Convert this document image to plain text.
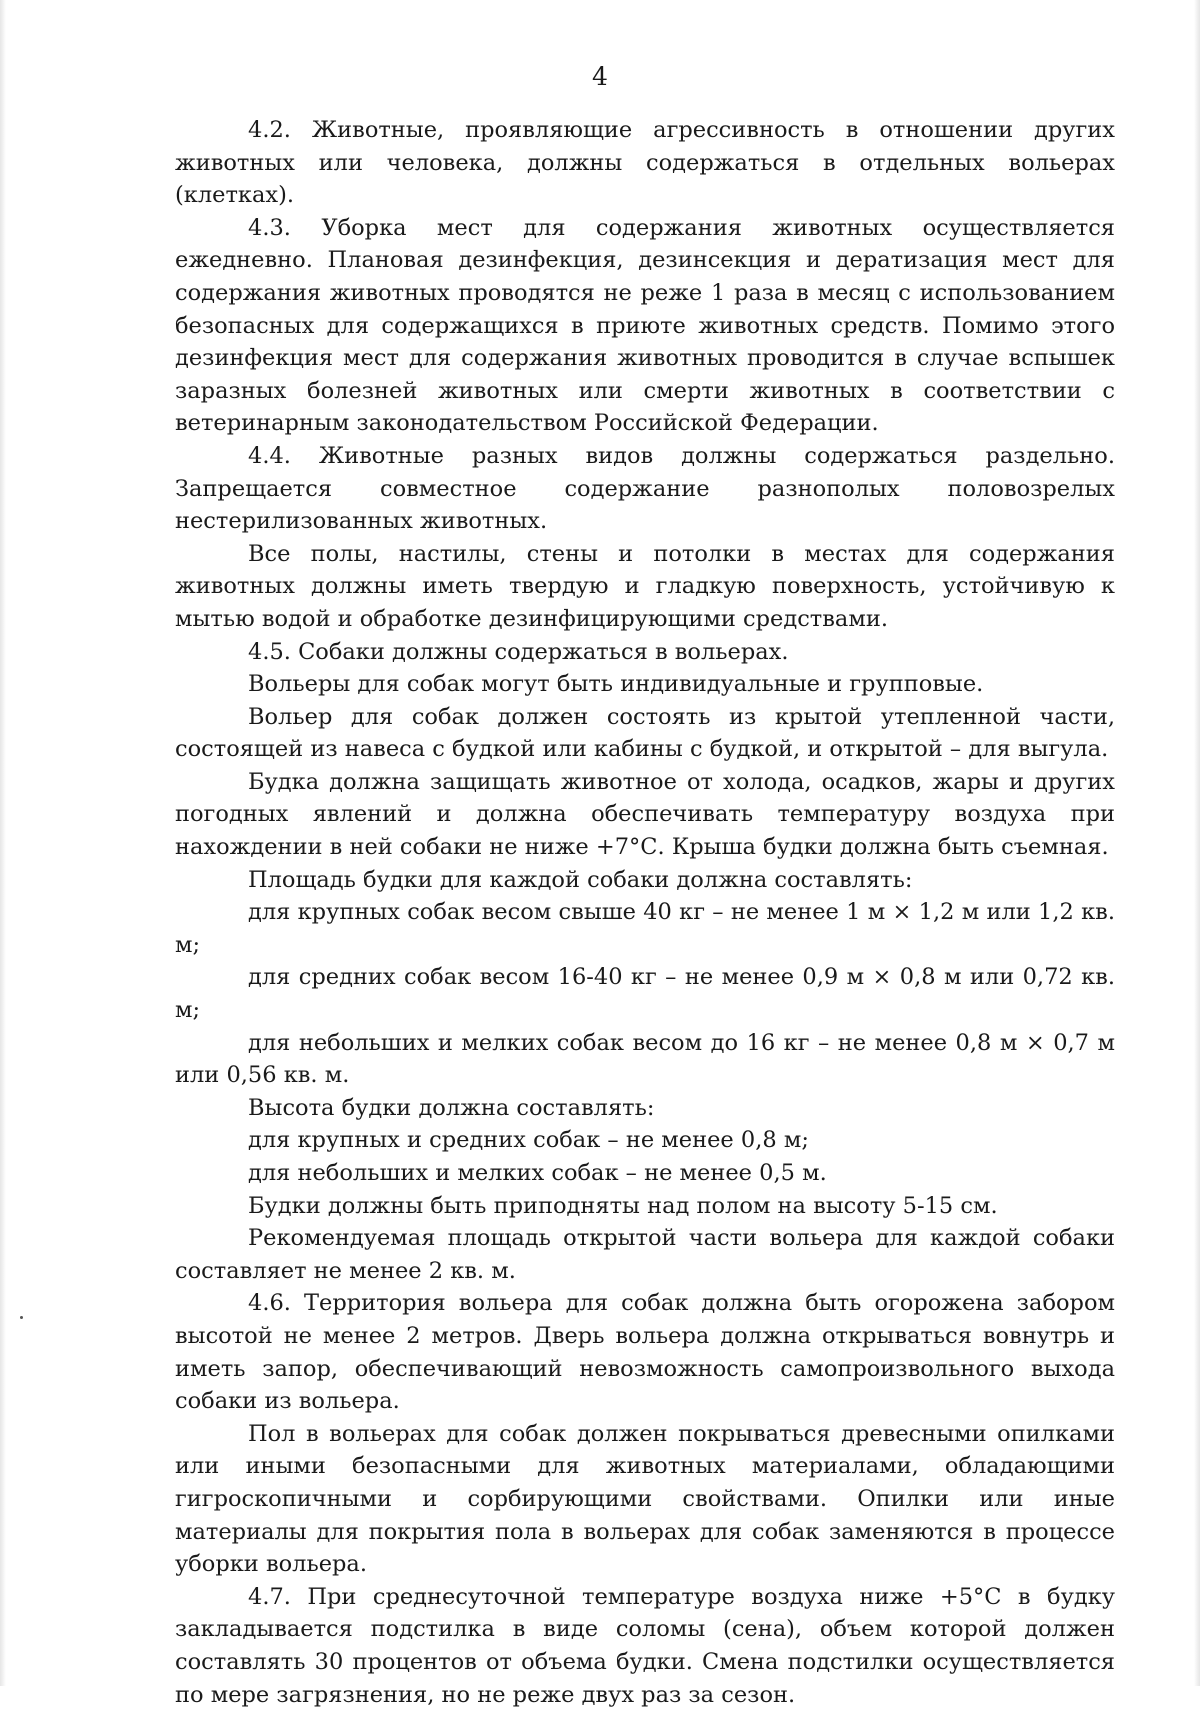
4

4.2. Животные, проявляющие агрессивность в отношении других животных или человека, должны содержаться в отдельных вольерах (клетках).

4.3. Уборка мест для содержания животных осуществляется ежедневно. Плановая дезинфекция, дезинсекция и дератизация мест для содержания животных проводятся не реже 1 раза в месяц с использованием безопасных для содержащихся в приюте животных средств. Помимо этого дезинфекция мест для содержания животных проводится в случае вспышек заразных болезней животных или смерти животных в соответствии с ветеринарным законодательством Российской Федерации.

4.4. Животные разных видов должны содержаться раздельно. Запрещается совместное содержание разнополых половозрелых нестерилизованных животных.

Все полы, настилы, стены и потолки в местах для содержания животных должны иметь твердую и гладкую поверхность, устойчивую к мытью водой и обработке дезинфицирующими средствами.

4.5. Собаки должны содержаться в вольерах.

Вольеры для собак могут быть индивидуальные и групповые.

Вольер для собак должен состоять из крытой утепленной части, состоящей из навеса с будкой или кабины с будкой, и открытой – для выгула.

Будка должна защищать животное от холода, осадков, жары и других погодных явлений и должна обеспечивать температуру воздуха при нахождении в ней собаки не ниже +7°С. Крыша будки должна быть съемная.

Площадь будки для каждой собаки должна составлять:

для крупных собак весом свыше 40 кг – не менее 1 м × 1,2 м или 1,2 кв. м;

для средних собак весом 16-40 кг – не менее 0,9 м × 0,8 м или 0,72 кв. м;

для небольших и мелких собак весом до 16 кг – не менее 0,8 м × 0,7 м или 0,56 кв. м.

Высота будки должна составлять:

для крупных и средних собак – не менее 0,8 м;

для небольших и мелких собак – не менее 0,5 м.

Будки должны быть приподняты над полом на высоту 5-15 см.

Рекомендуемая площадь открытой части вольера для каждой собаки составляет не менее 2 кв. м.

4.6. Территория вольера для собак должна быть огорожена забором высотой не менее 2 метров. Дверь вольера должна открываться вовнутрь и иметь запор, обеспечивающий невозможность самопроизвольного выхода собаки из вольера.

Пол в вольерах для собак должен покрываться древесными опилками или иными безопасными для животных материалами, обладающими гигроскопичными и сорбирующими свойствами. Опилки или иные материалы для покрытия пола в вольерах для собак заменяются в процессе уборки вольера.

4.7. При среднесуточной температуре воздуха ниже +5°С в будку закладывается подстилка в виде соломы (сена), объем которой должен составлять 30 процентов от объема будки. Смена подстилки осуществляется по мере загрязнения, но не реже двух раз за сезон.
